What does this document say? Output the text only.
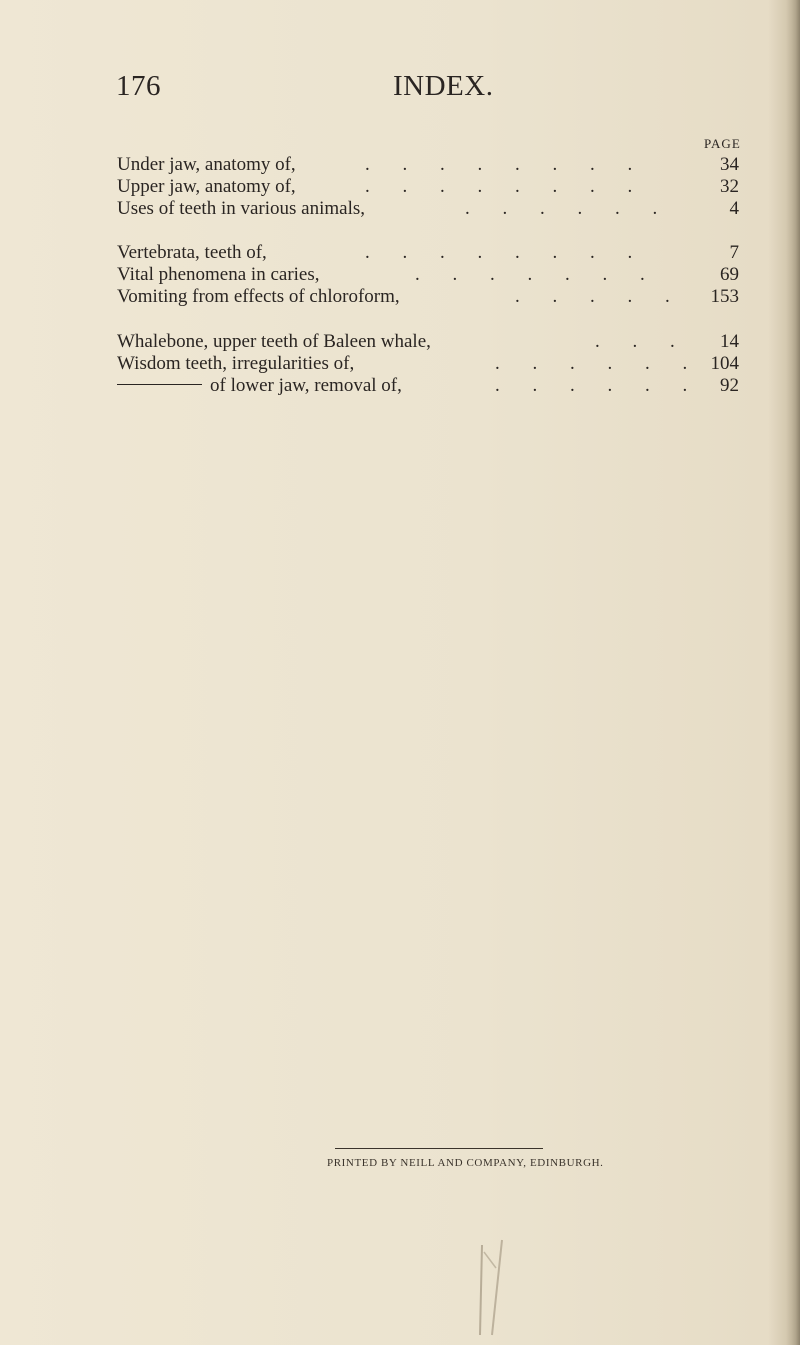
176	INDEX.
PAGE
Under jaw, anatomy of,	. . . . . . . .	34
Upper jaw, anatomy of,	. . . . . . . .	32
Uses of teeth in various animals,	. . . . . .	4
Vertebrata, teeth of,	. . . . . . . .	7
Vital phenomena in caries,	. . . . . . .	69
Vomiting from effects of chloroform,	. . . . . 153
Whalebone, upper teeth of Baleen whale,	. . . 14
Wisdom teeth, irregularities of,	. . . . . . 104
of lower jaw, removal of,	. . . . . . 92
PRINTED BY NEILL AND COMPANY, EDINBURGH.
